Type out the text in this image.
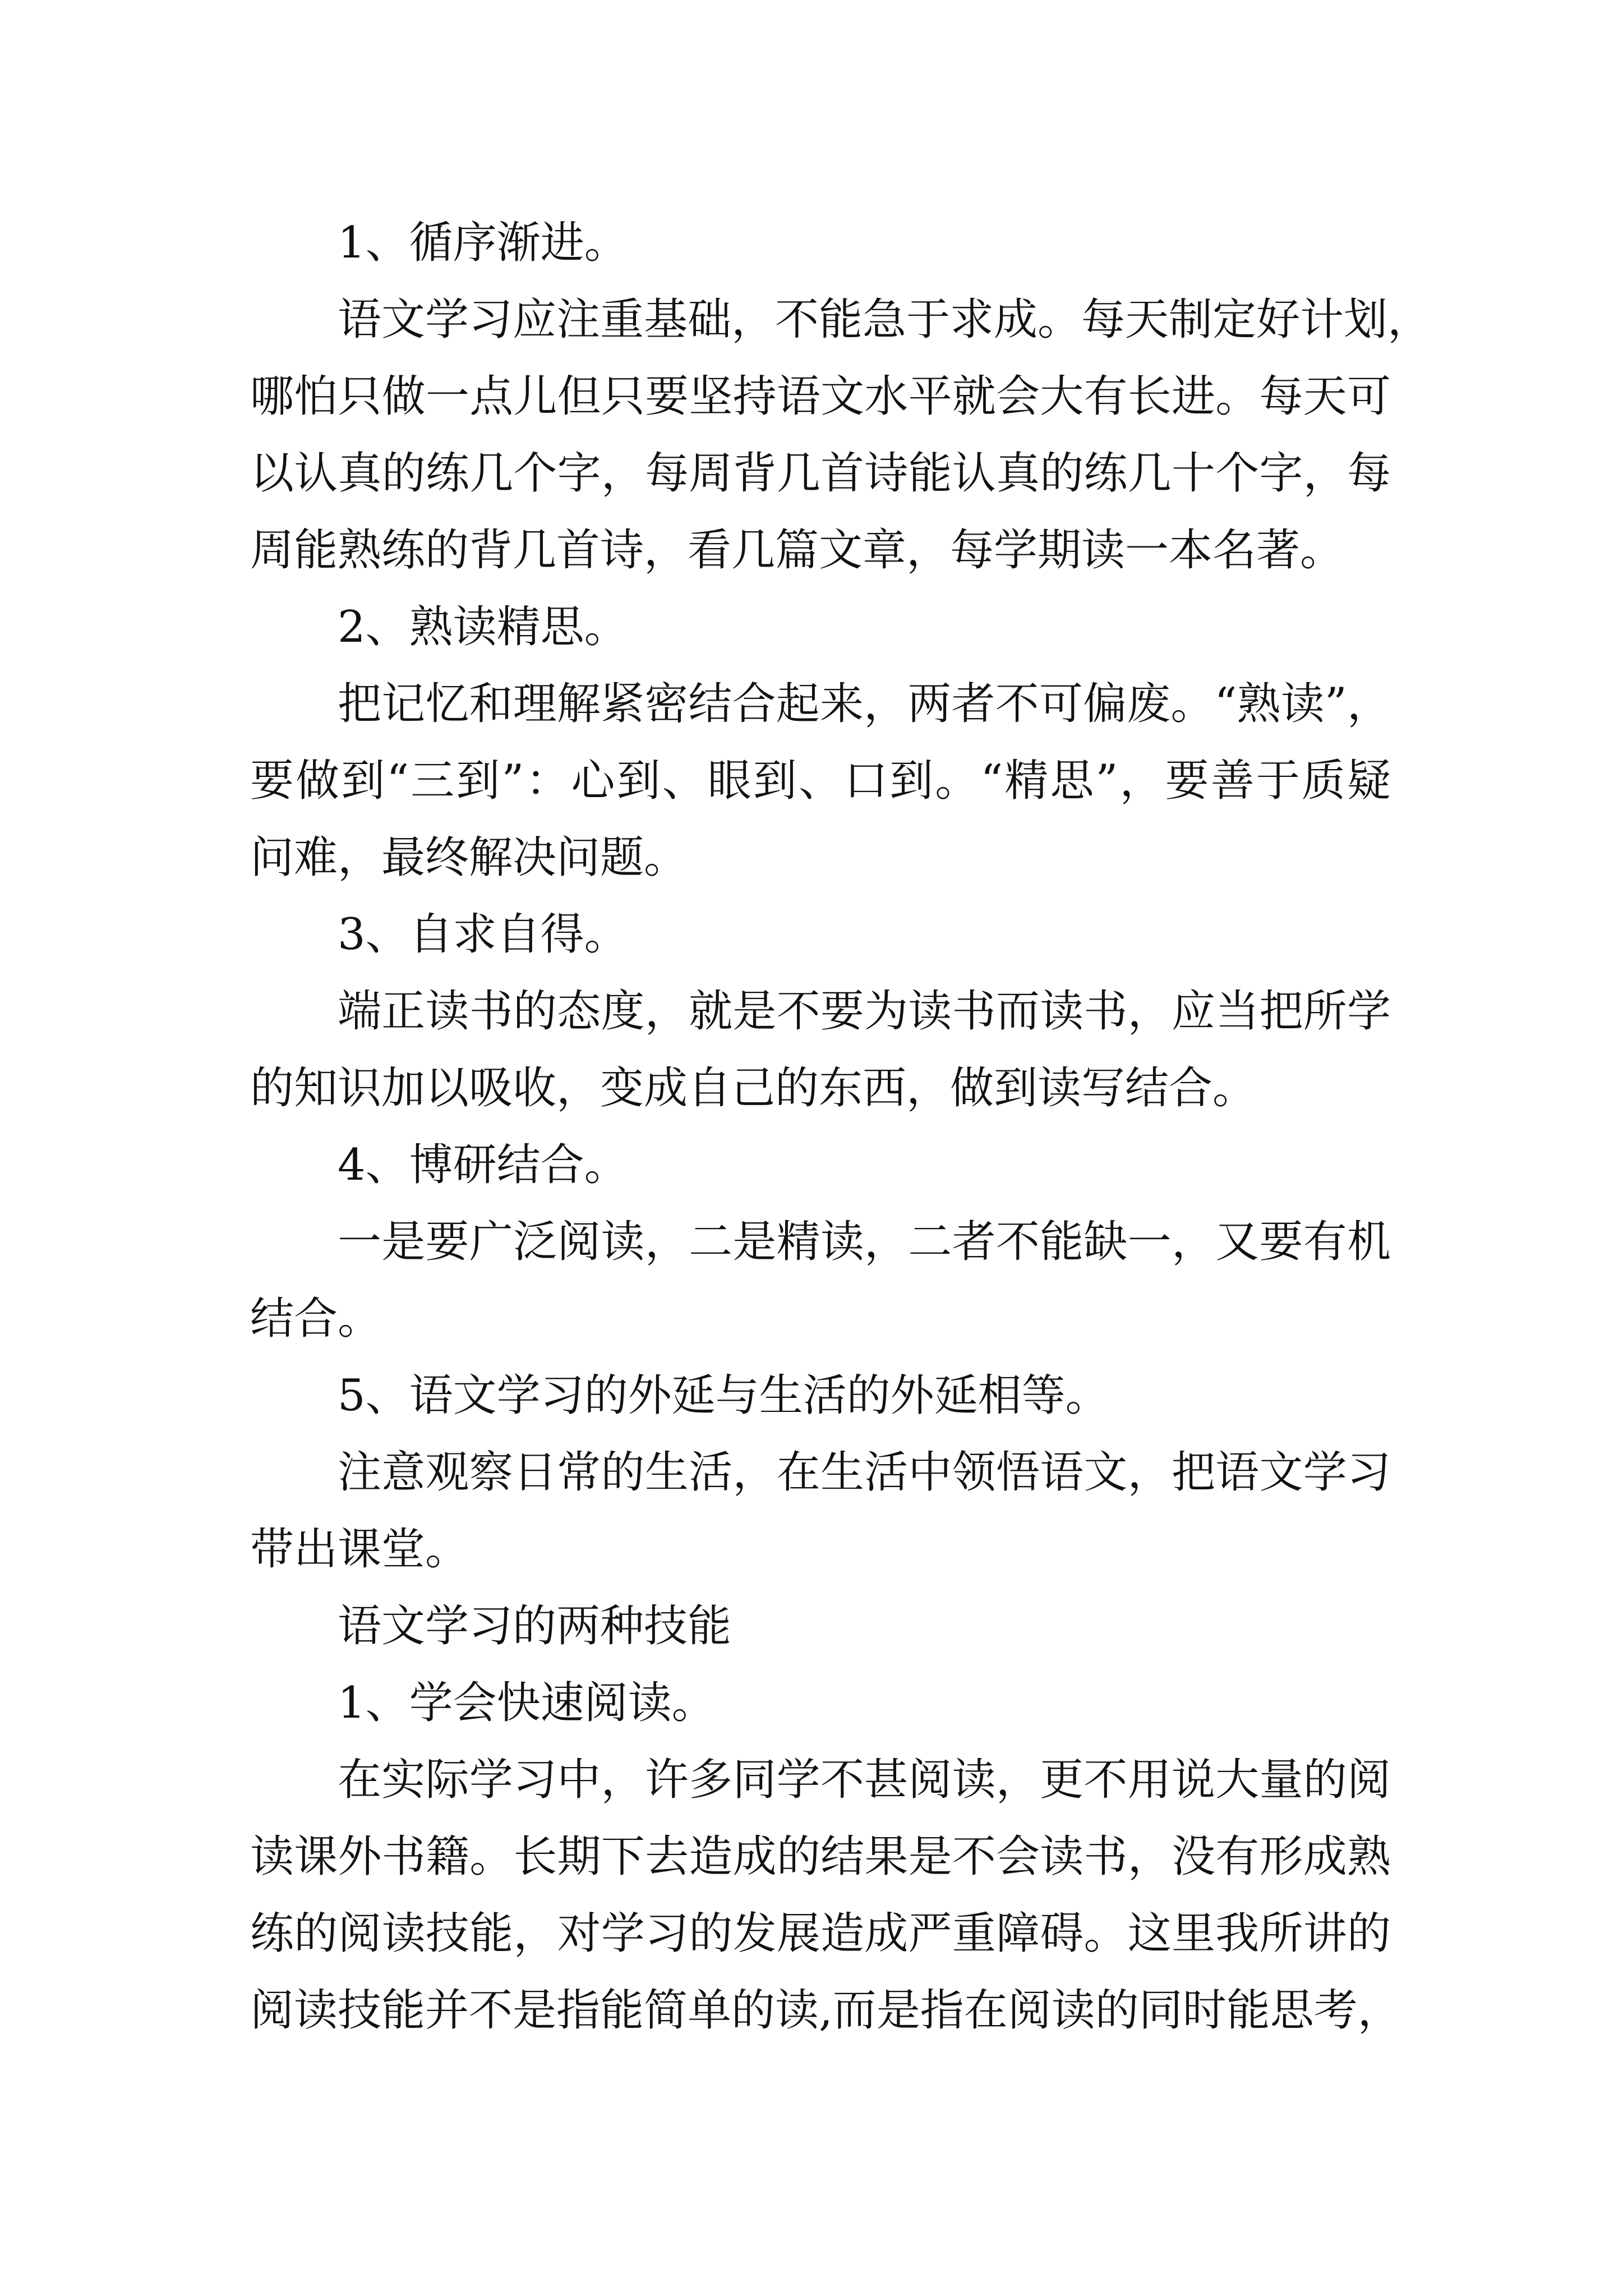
1、循序渐进。
语文学习应注重基础，不能急于求成。每天制定好计划，
哪怕只做一点儿但只要坚持语文水平就会大有长进。每天可
以认真的练几个字，每周背几首诗能认真的练几十个字，每
周能熟练的背几首诗，看几篇文章，每学期读一本名著。
2、熟读精思。
把记忆和理解紧密结合起来，两者不可偏废。“熟读”，
要做到“三到”：心到、眼到、口到。“精思”，要善于质疑
问难，最终解决问题。
3、自求自得。
端正读书的态度，就是不要为读书而读书，应当把所学
的知识加以吸收，变成自己的东西，做到读写结合。
4、博研结合。
一是要广泛阅读，二是精读，二者不能缺一，又要有机
结合。
5、语文学习的外延与生活的外延相等。
注意观察日常的生活，在生活中领悟语文，把语文学习
带出课堂。
语文学习的两种技能
1、学会快速阅读。
在实际学习中，许多同学不甚阅读，更不用说大量的阅
读课外书籍。长期下去造成的结果是不会读书，没有形成熟
练的阅读技能，对学习的发展造成严重障碍。这里我所讲的
阅读技能并不是指能简单的读,而是指在阅读的同时能思考，
